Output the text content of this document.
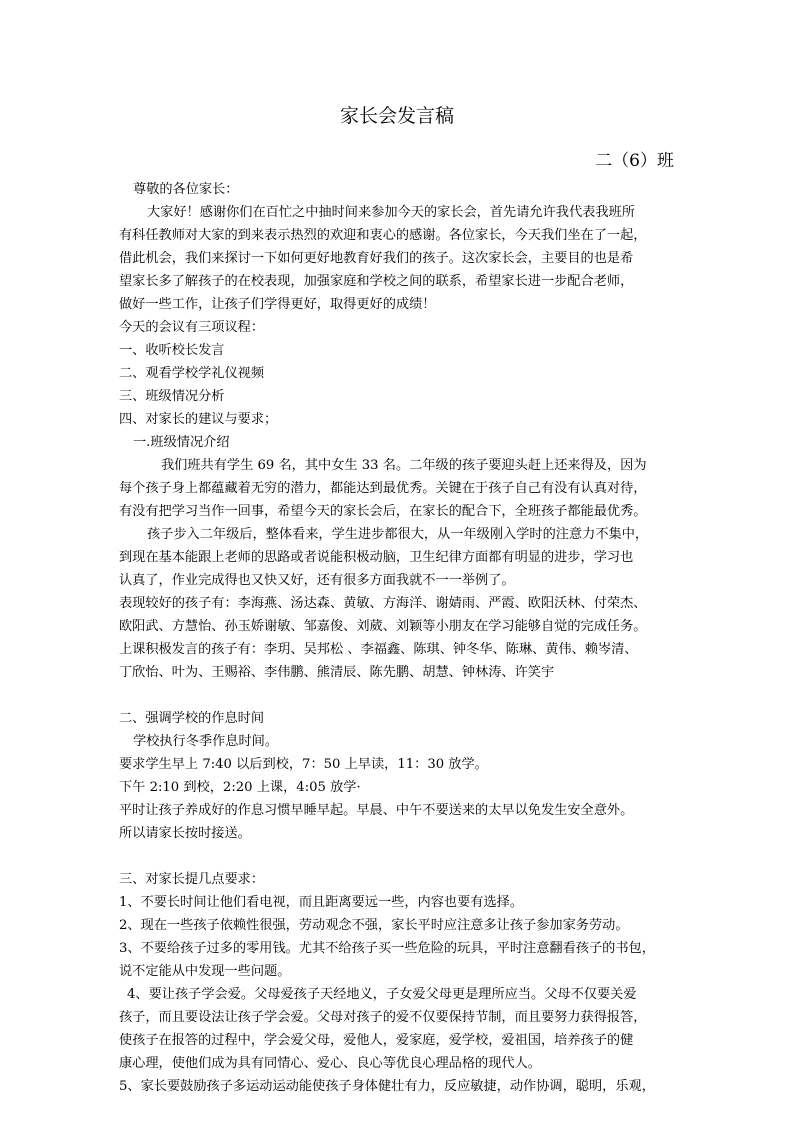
家长会发言稿
二（6）班
尊敬的各位家长：
大家好！感谢你们在百忙之中抽时间来参加今天的家长会，首先请允许我代表我班所
有科任教师对大家的到来表示热烈的欢迎和衷心的感谢。各位家长，今天我们坐在了一起，
借此机会，我们来探讨一下如何更好地教育好我们的孩子。这次家长会，主要目的也是希
望家长多了解孩子的在校表现，加强家庭和学校之间的联系，希望家长进一步配合老师，
做好一些工作，让孩子们学得更好，取得更好的成绩！
今天的会议有三项议程：
一、收听校长发言
二、观看学校学礼仪视频
三、班级情况分析
四、对家长的建议与要求；
一.班级情况介绍
我们班共有学生 69 名，其中女生 33 名。二年级的孩子要迎头赶上还来得及，因为
每个孩子身上都蕴藏着无穷的潜力，都能达到最优秀。关键在于孩子自己有没有认真对待，
有没有把学习当作一回事，希望今天的家长会后，在家长的配合下，全班孩子都能最优秀。
孩子步入二年级后，整体看来，学生进步都很大，从一年级刚入学时的注意力不集中，
到现在基本能跟上老师的思路或者说能积极动脑，卫生纪律方面都有明显的进步，学习也
认真了，作业完成得也又快又好，还有很多方面我就不一一举例了。
表现较好的孩子有：李海燕、汤达森、黄敏、方海洋、谢婧雨、严霞、欧阳沃林、付荣杰、
欧阳武、方慧怡、孙玉娇谢敏、邹嘉俊、刘葳、刘颖等小朋友在学习能够自觉的完成任务。
上课积极发言的孩子有：李玥、吴邦松 、李福鑫、陈琪、钟冬华、陈琳、黄伟、赖岑清、
丁欣怡、叶为、王赐裕、李伟鹏、熊清辰、陈先鹏、胡慧、钟林涛、许笑宇
二、强调学校的作息时间
学校执行冬季作息时间。
要求学生早上 7:40 以后到校，7：50 上早读，11：30 放学。
下午 2:10 到校，2:20 上课，4:05 放学·
平时让孩子养成好的作息习惯早睡早起。早晨、中午不要送来的太早以免发生安全意外。
所以请家长按时接送。
三、对家长提几点要求：
1、不要长时间让他们看电视，而且距离要远一些，内容也要有选择。
2、现在一些孩子依赖性很强，劳动观念不强，家长平时应注意多让孩子参加家务劳动。
3、不要给孩子过多的零用钱。尤其不给孩子买一些危险的玩具，平时注意翻看孩子的书包，
说不定能从中发现一些问题。
4、要让孩子学会爱。父母爱孩子天经地义，子女爱父母更是理所应当。父母不仅要关爱
孩子，而且要设法让孩子学会爱。父母对孩子的爱不仅要保持节制，而且要努力获得报答，
使孩子在报答的过程中，学会爱父母，爱他人，爱家庭，爱学校，爱祖国，培养孩子的健
康心理，使他们成为具有同情心、爱心、良心等优良心理品格的现代人。
5、家长要鼓励孩子多运动运动能使孩子身体健壮有力，反应敏捷，动作协调，聪明，乐观，
